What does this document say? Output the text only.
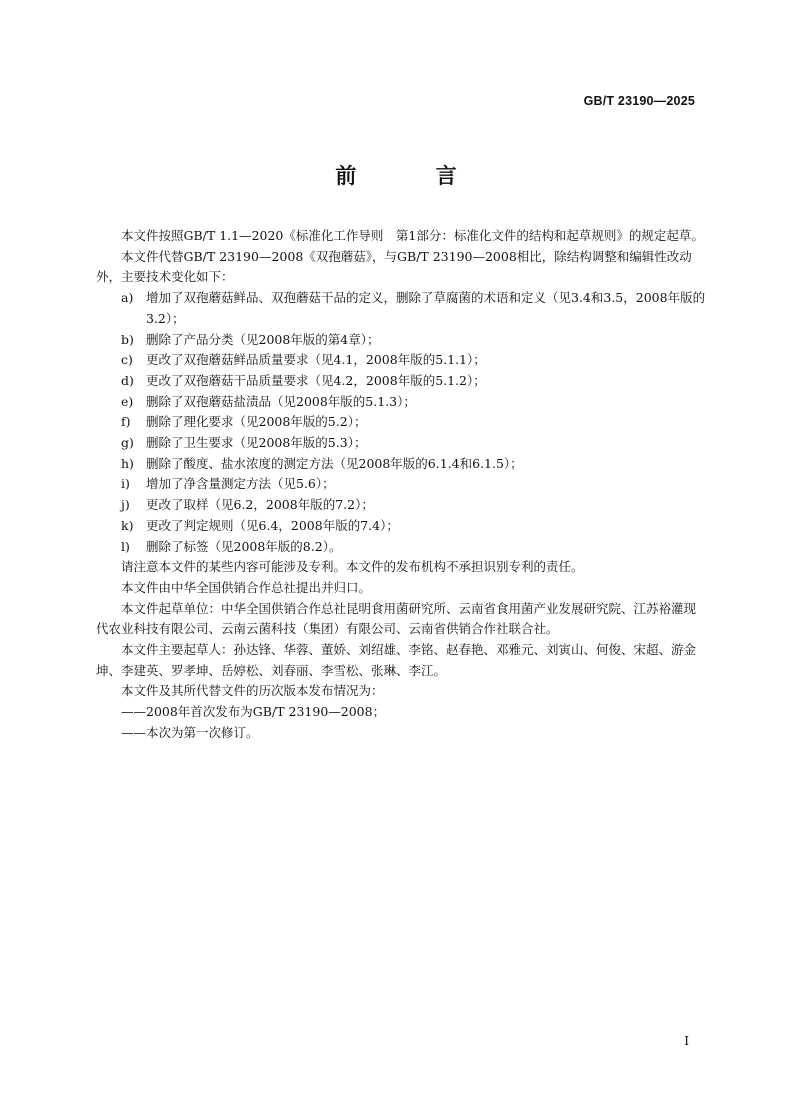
GB/T 23190—2025
前 言

本文件按照GB/T 1.1—2020《标准化工作导则　第1部分：标准化文件的结构和起草规则》的规定起草。

本文件代替GB/T 23190—2008《双孢蘑菇》，与GB/T 23190—2008相比，除结构调整和编辑性改动外，主要技术变化如下：

a)	增加了双孢蘑菇鲜品、双孢蘑菇干品的定义，删除了草腐菌的术语和定义（见3.4和3.5，2008年版的3.2）；
b) 删除了产品分类（见2008年版的第4章）；
c)	更改了双孢蘑菇鲜品质量要求（见4.1，2008年版的5.1.1）；
d) 更改了双孢蘑菇干品质量要求（见4.2，2008年版的5.1.2）；
e)	删除了双孢蘑菇盐渍品（见2008年版的5.1.3）；
f)	删除了理化要求（见2008年版的5.2）；
g) 删除了卫生要求（见2008年版的5.3）；
h) 删除了酸度、盐水浓度的测定方法（见2008年版的6.1.4和6.1.5）；
i)	增加了净含量测定方法（见5.6）；
j)	更改了取样（见6.2，2008年版的7.2）；
k)	更改了判定规则（见6.4，2008年版的7.4）；
l)	删除了标签（见2008年版的8.2）。

请注意本文件的某些内容可能涉及专利。本文件的发布机构不承担识别专利的责任。

本文件由中华全国供销合作总社提出并归口。

本文件起草单位：中华全国供销合作总社昆明食用菌研究所、云南省食用菌产业发展研究院、江苏裕灌现代农业科技有限公司、云南云菌科技（集团）有限公司、云南省供销合作社联合社。

本文件主要起草人：孙达锋、华蓉、董娇、刘绍雄、李铭、赵春艳、邓雅元、刘寅山、何俊、宋超、游金坤、李建英、罗孝坤、岳婷松、刘春丽、李雪松、张琳、李江。

本文件及其所代替文件的历次版本发布情况为：

——2008年首次发布为GB/T 23190—2008；

——本次为第一次修订。

I
